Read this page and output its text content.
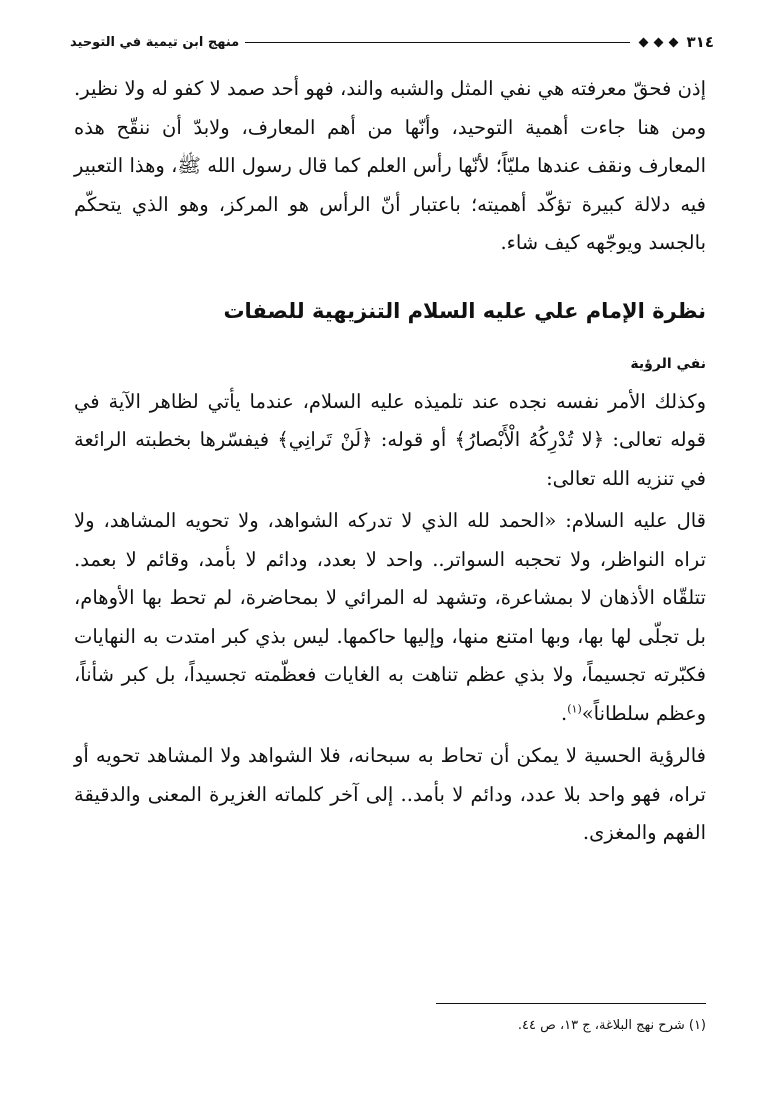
٣١٤
منهج ابن تيمية في التوحيد

إذن فحقّ معرفته هي نفي المثل والشبه والند، فهو أحد صمد لا كفو له ولا نظير. ومن هنا جاءت أهمية التوحيد، وأنّها من أهم المعارف، ولابدّ أن ننقّح هذه المعارف ونقف عندها مليّاً؛ لأنّها رأس العلم كما قال رسول الله ﷺ، وهذا التعبير فيه دلالة كبيرة تؤكّد أهميته؛ باعتبار أنّ الرأس هو المركز، وهو الذي يتحكّم بالجسد ويوجّهه كيف شاء.

نظرة الإمام علي عليه السلام التنزيهية للصفات
نفي الرؤية

وكذلك الأمر نفسه نجده عند تلميذه عليه السلام، عندما يأتي لظاهر الآية في قوله تعالى: ﴿لا تُدْرِكُهُ الْأَبْصارُ﴾ أو قوله: ﴿لَنْ تَرانِي﴾ فيفسّرها بخطبته الرائعة في تنزيه الله تعالى:

قال عليه السلام: «الحمد لله الذي لا تدركه الشواهد، ولا تحويه المشاهد، ولا تراه النواظر، ولا تحجبه السواتر.. واحد لا بعدد، ودائم لا بأمد، وقائم لا بعمد. تتلقّاه الأذهان لا بمشاعرة، وتشهد له المرائي لا بمحاضرة، لم تحط بها الأوهام، بل تجلّى لها بها، وبها امتنع منها، وإليها حاكمها. ليس بذي كبر امتدت به النهايات فكبّرته تجسيماً، ولا بذي عظم تناهت به الغايات فعظّمته تجسيداً، بل كبر شأناً، وعظم سلطاناً»$^{(١)}$.

فالرؤية الحسية لا يمكن أن تحاط به سبحانه، فلا الشواهد ولا المشاهد تحويه أو تراه، فهو واحد بلا عدد، ودائم لا بأمد.. إلى آخر كلماته الغزيرة المعنى والدقيقة الفهم والمغزى.

(١) شرح نهج البلاغة، ج ١٣، ص ٤٤.
